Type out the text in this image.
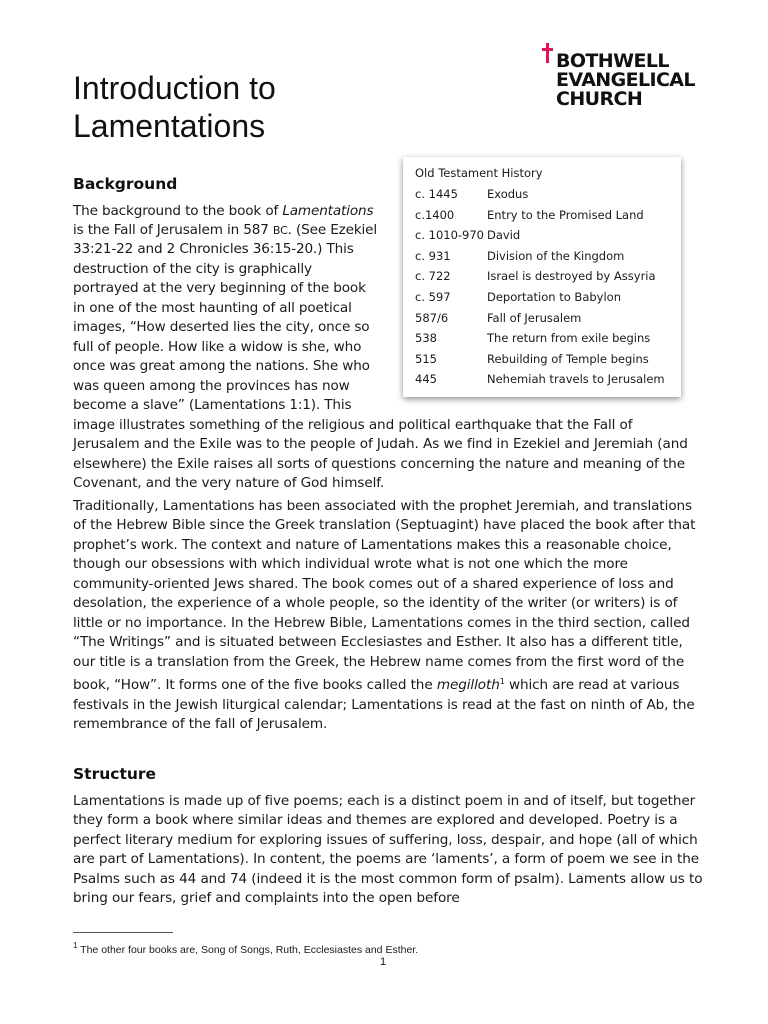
BOTHWELL
EVANGELICAL
CHURCH
Introduction to
Lamentations
Background
The background to the book of Lamentations
is the Fall of Jerusalem in 587 BC. (See Ezekiel
33:21-22 and 2 Chronicles 36:15-20.) This
destruction of the city is graphically
portrayed at the very beginning of the book
in one of the most haunting of all poetical
images, “How deserted lies the city, once so
full of people. How like a widow is she, who
once was great among the nations. She who
was queen among the provinces has now
become a slave” (Lamentations 1:1). This

image illustrates something of the religious and political earthquake that the Fall of Jerusalem and the Exile was to the people of Judah. As we find in Ezekiel and Jeremiah (and elsewhere) the Exile raises all sorts of questions concerning the nature and meaning of the Covenant, and the very nature of God himself.

Traditionally, Lamentations has been associated with the prophet Jeremiah, and translations of the Hebrew Bible since the Greek translation (Septuagint) have placed the book after that prophet’s work. The context and nature of Lamentations makes this a reasonable choice, though our obsessions with which individual wrote what is not one which the more community-oriented Jews shared. The book comes out of a shared experience of loss and desolation, the experience of a whole people, so the identity of the writer (or writers) is of little or no importance. In the Hebrew Bible, Lamentations comes in the third section, called “The Writings” and is situated between Ecclesiastes and Esther. It also has a different title, our title is a translation from the Greek, the Hebrew name comes from the first word of the book, “How”. It forms one of the five books called the megilloth$^1$ which are read at various festivals in the Jewish liturgical calendar; Lamentations is read at the fast on ninth of Ab, the remembrance of the fall of Jerusalem.

Old Testament History
c. 1445	Exodus
c.1400	Entry to the Promised Land
c. 1010-970 David
c. 931	Division of the Kingdom
c. 722	Israel is destroyed by Assyria
c. 597	Deportation to Babylon
587/6	Fall of Jerusalem
538	The return from exile begins
515	Rebuilding of Temple begins
445	Nehemiah travels to Jerusalem
Structure

Lamentations is made up of five poems; each is a distinct poem in and of itself, but together they form a book where similar ideas and themes are explored and developed. Poetry is a perfect literary medium for exploring issues of suffering, loss, despair, and hope (all of which are part of Lamentations). In content, the poems are ‘laments’, a form of poem we see in the Psalms such as 44 and 74 (indeed it is the most common form of psalm). Laments allow us to bring our fears, grief and complaints into the open before

$^1$ The other four books are, Song of Songs, Ruth, Ecclesiastes and Esther.
1
